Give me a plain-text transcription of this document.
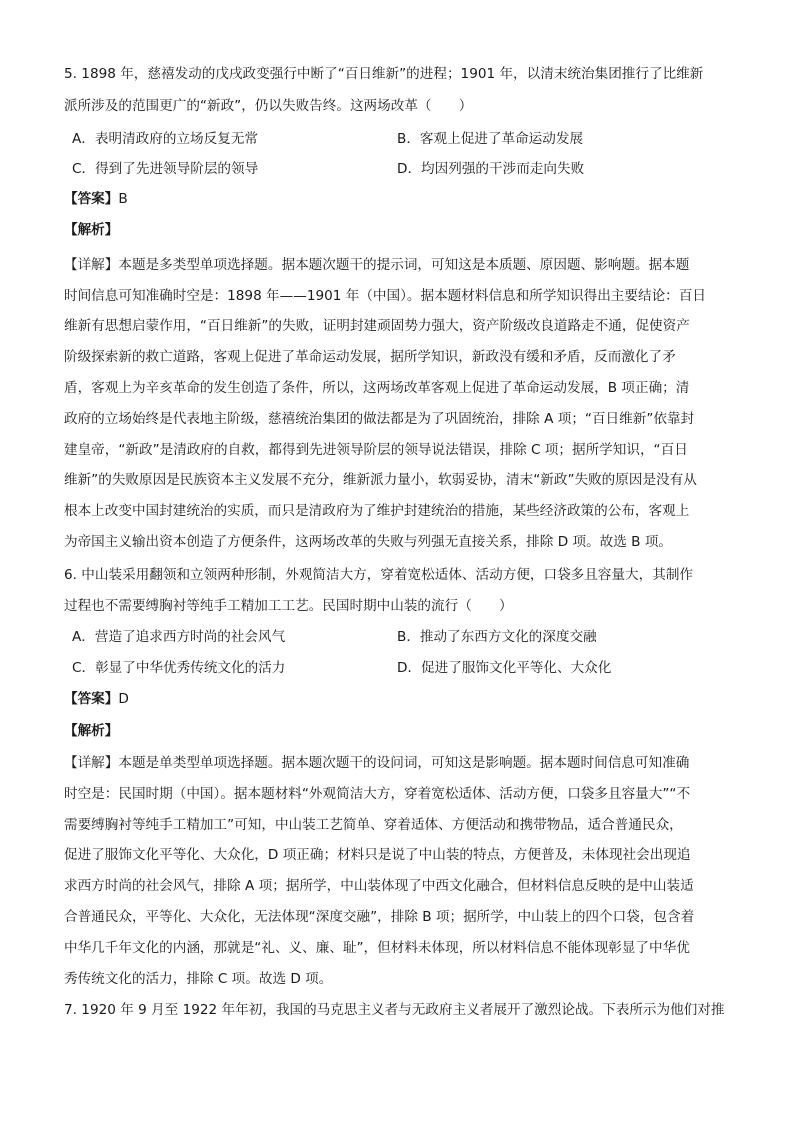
5. 1898 年，慈禧发动的戊戌政变强行中断了“百日维新”的进程；1901 年，以清末统治集团推行了比维新
派所涉及的范围更广的“新政”，仍以失败告终。这两场改革（　　）
A．表明清政府的立场反复无常	B．客观上促进了革命运动发展
C．得到了先进领导阶层的领导	D．均因列强的干涉而走向失败
【答案】B
【解析】
【详解】本题是多类型单项选择题。据本题次题干的提示词，可知这是本质题、原因题、影响题。据本题
时间信息可知准确时空是：1898 年——1901 年（中国）。据本题材料信息和所学知识得出主要结论：百日
维新有思想启蒙作用，“百日维新”的失败，证明封建顽固势力强大，资产阶级改良道路走不通，促使资产
阶级探索新的救亡道路，客观上促进了革命运动发展，据所学知识，新政没有缓和矛盾，反而激化了矛
盾，客观上为辛亥革命的发生创造了条件，所以，这两场改革客观上促进了革命运动发展，B 项正确；清
政府的立场始终是代表地主阶级，慈禧统治集团的做法都是为了巩固统治，排除 A 项；“百日维新”依靠封
建皇帝，“新政”是清政府的自救，都得到先进领导阶层的领导说法错误，排除 C 项；据所学知识，“百日
维新”的失败原因是民族资本主义发展不充分，维新派力量小，软弱妥协，清末“新政”失败的原因是没有从
根本上改变中国封建统治的实质，而只是清政府为了维护封建统治的措施，某些经济政策的公布，客观上
为帝国主义输出资本创造了方便条件，这两场改革的失败与列强无直接关系，排除 D 项。故选 B 项。
6. 中山装采用翻领和立领两种形制，外观简洁大方，穿着宽松适体、活动方便，口袋多且容量大，其制作
过程也不需要缚胸衬等纯手工精加工工艺。民国时期中山装的流行（　　）
A．营造了追求西方时尚的社会风气	B．推动了东西方文化的深度交融
C．彰显了中华优秀传统文化的活力	D．促进了服饰文化平等化、大众化
【答案】D
【解析】
【详解】本题是单类型单项选择题。据本题次题干的设问词，可知这是影响题。据本题时间信息可知准确
时空是：民国时期（中国）。据本题材料“外观简洁大方，穿着宽松适体、活动方便，口袋多且容量大”“不
需要缚胸衬等纯手工精加工”可知，中山装工艺简单、穿着适体、方便活动和携带物品，适合普通民众，
促进了服饰文化平等化、大众化，D 项正确；材料只是说了中山装的特点，方便普及，未体现社会出现追
求西方时尚的社会风气，排除 A 项；据所学，中山装体现了中西文化融合，但材料信息反映的是中山装适
合普通民众，平等化、大众化，无法体现“深度交融”，排除 B 项；据所学，中山装上的四个口袋，包含着
中华几千年文化的内涵，那就是“礼、义、廉、耻”，但材料未体现，所以材料信息不能体现彰显了中华优
秀传统文化的活力，排除 C 项。故选 D 项。
7. 1920 年 9 月至 1922 年年初，我国的马克思主义者与无政府主义者展开了激烈论战。下表所示为他们对推
